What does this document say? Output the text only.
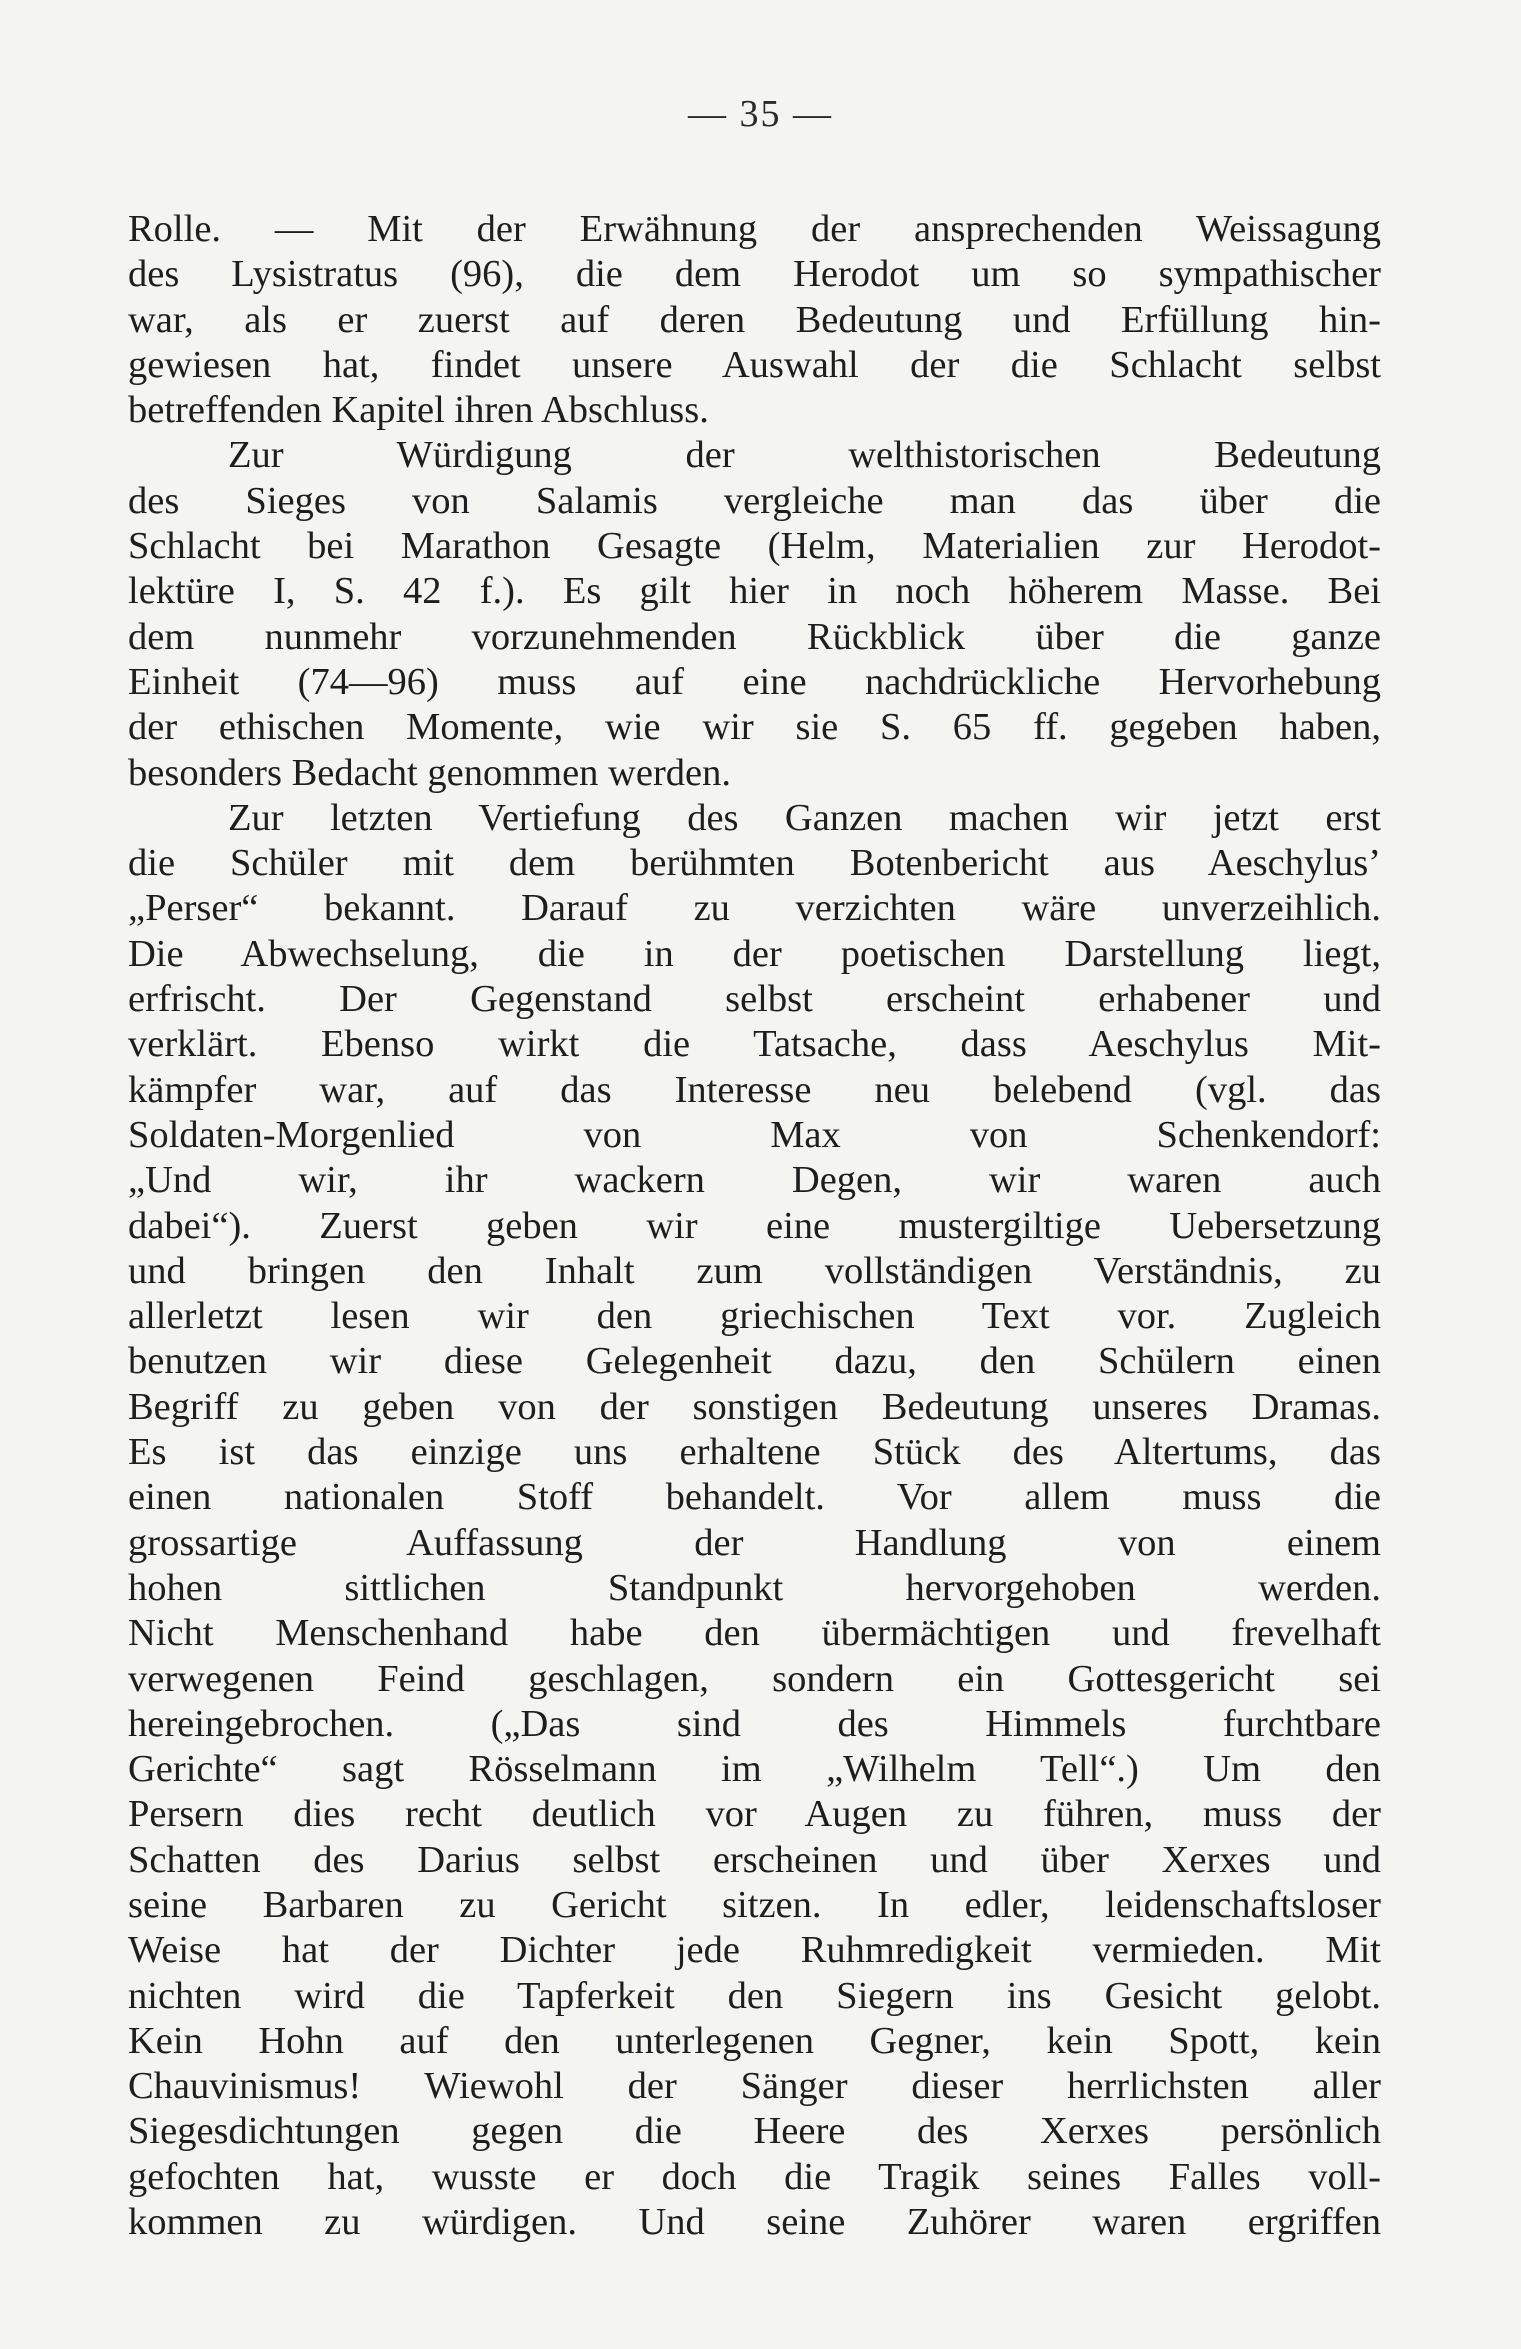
— 35 —
Rolle. — Mit der Erwähnung der ansprechenden Weissagung
des Lysistratus (96), die dem Herodot um so sympathischer
war, als er zuerst auf deren Bedeutung und Erfüllung hin-
gewiesen hat, findet unsere Auswahl der die Schlacht selbst
betreffenden Kapitel ihren Abschluss.
Zur Würdigung der welthistorischen Bedeutung
des Sieges von Salamis vergleiche man das über die
Schlacht bei Marathon Gesagte (Helm, Materialien zur Herodot-
lektüre I, S. 42 f.). Es gilt hier in noch höherem Masse. Bei
dem nunmehr vorzunehmenden Rückblick über die ganze
Einheit (74—96) muss auf eine nachdrückliche Hervorhebung
der ethischen Momente, wie wir sie S. 65 ff. gegeben haben,
besonders Bedacht genommen werden.
Zur letzten Vertiefung des Ganzen machen wir jetzt erst
die Schüler mit dem berühmten Botenbericht aus Aeschylus’
„Perser“ bekannt. Darauf zu verzichten wäre unverzeihlich.
Die Abwechselung, die in der poetischen Darstellung liegt,
erfrischt. Der Gegenstand selbst erscheint erhabener und
verklärt. Ebenso wirkt die Tatsache, dass Aeschylus Mit-
kämpfer war, auf das Interesse neu belebend (vgl. das
Soldaten-Morgenlied von Max von Schenkendorf:
„Und wir, ihr wackern Degen, wir waren auch
dabei“). Zuerst geben wir eine mustergiltige Uebersetzung
und bringen den Inhalt zum vollständigen Verständnis, zu
allerletzt lesen wir den griechischen Text vor. Zugleich
benutzen wir diese Gelegenheit dazu, den Schülern einen
Begriff zu geben von der sonstigen Bedeutung unseres Dramas.
Es ist das einzige uns erhaltene Stück des Altertums, das
einen nationalen Stoff behandelt. Vor allem muss die
grossartige Auffassung der Handlung von einem
hohen sittlichen Standpunkt hervorgehoben werden.
Nicht Menschenhand habe den übermächtigen und frevelhaft
verwegenen Feind geschlagen, sondern ein Gottesgericht sei
hereingebrochen. („Das sind des Himmels furchtbare
Gerichte“ sagt Rösselmann im „Wilhelm Tell“.) Um den
Persern dies recht deutlich vor Augen zu führen, muss der
Schatten des Darius selbst erscheinen und über Xerxes und
seine Barbaren zu Gericht sitzen. In edler, leidenschaftsloser
Weise hat der Dichter jede Ruhmredigkeit vermieden. Mit
nichten wird die Tapferkeit den Siegern ins Gesicht gelobt.
Kein Hohn auf den unterlegenen Gegner, kein Spott, kein
Chauvinismus! Wiewohl der Sänger dieser herrlichsten aller
Siegesdichtungen gegen die Heere des Xerxes persönlich
gefochten hat, wusste er doch die Tragik seines Falles voll-
kommen zu würdigen. Und seine Zuhörer waren ergriffen
